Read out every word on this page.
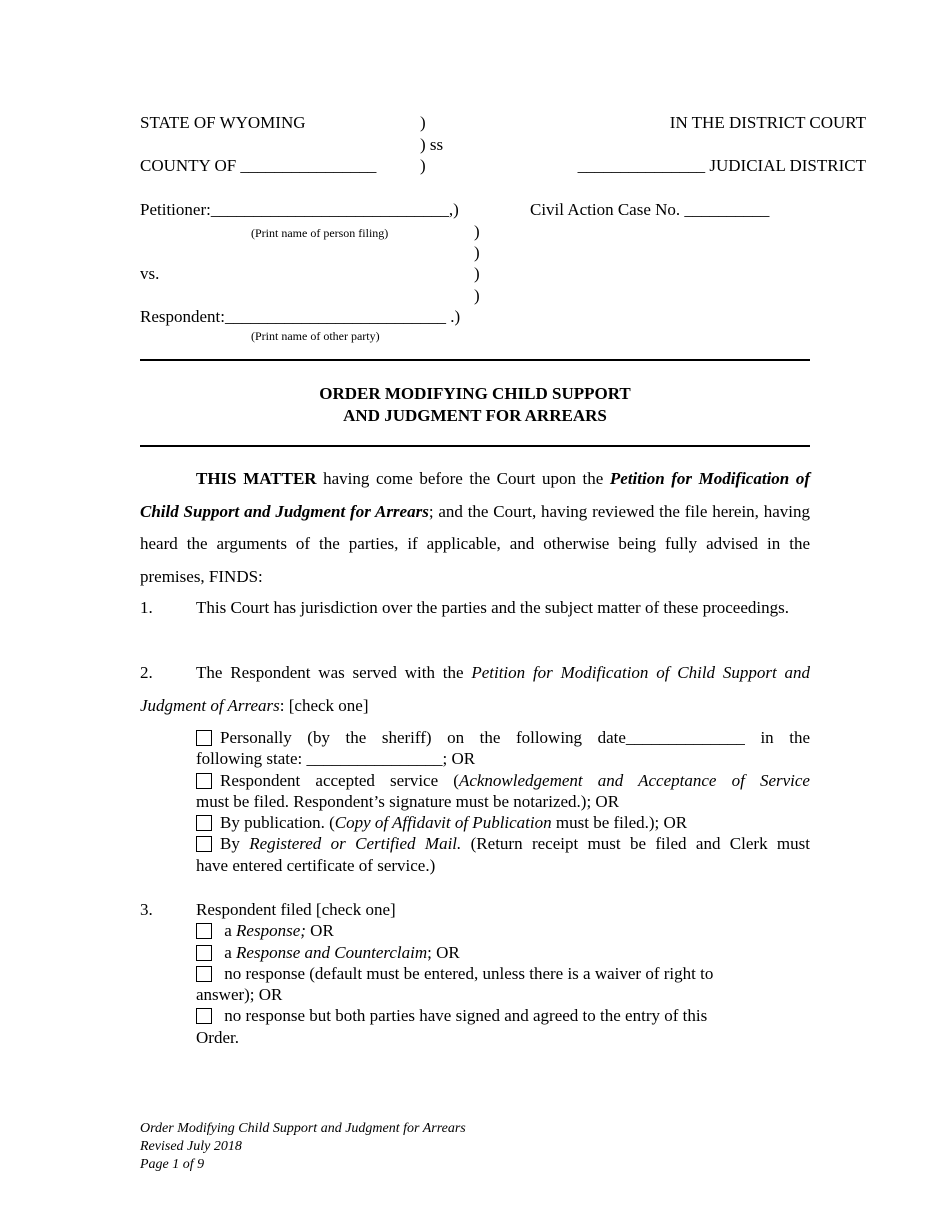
STATE OF WYOMING	)
) ss
)
IN THE DISTRICT COURT
COUNTY OF ________________	_______________ JUDICIAL DISTRICT
Petitioner:____________________________,)
(Print name of person filing)
Civil Action Case No. __________
)
)
vs.	)
)
Respondent:__________________________ .)
(Print name of other party)
ORDER MODIFYING CHILD SUPPORT
AND JUDGMENT FOR ARREARS
THIS MATTER having come before the Court upon the Petition for Modification of Child Support and Judgment for Arrears; and the Court, having reviewed the file herein, having heard the arguments of the parties, if applicable, and otherwise being fully advised in the premises, FINDS:
1.	This Court has jurisdiction over the parties and the subject matter of these proceedings.
2.	The Respondent was served with the Petition for Modification of Child Support and Judgment of Arrears: [check one]
Personally (by the sheriff) on the following date______________ in the
following state: ________________; OR
Respondent accepted service (Acknowledgement and Acceptance of Service
must be filed. Respondent’s signature must be notarized.); OR
By publication. (Copy of Affidavit of Publication must be filed.); OR
By Registered or Certified Mail. (Return receipt must be filed and Clerk must
have entered certificate of service.)
3.	Respondent filed [check one]
a Response; OR
a Response and Counterclaim; OR
no response (default must be entered, unless there is a waiver of right to
answer); OR
no response but both parties have signed and agreed to the entry of this
Order.
Order Modifying Child Support and Judgment for Arrears
Revised July 2018
Page 1 of 9
